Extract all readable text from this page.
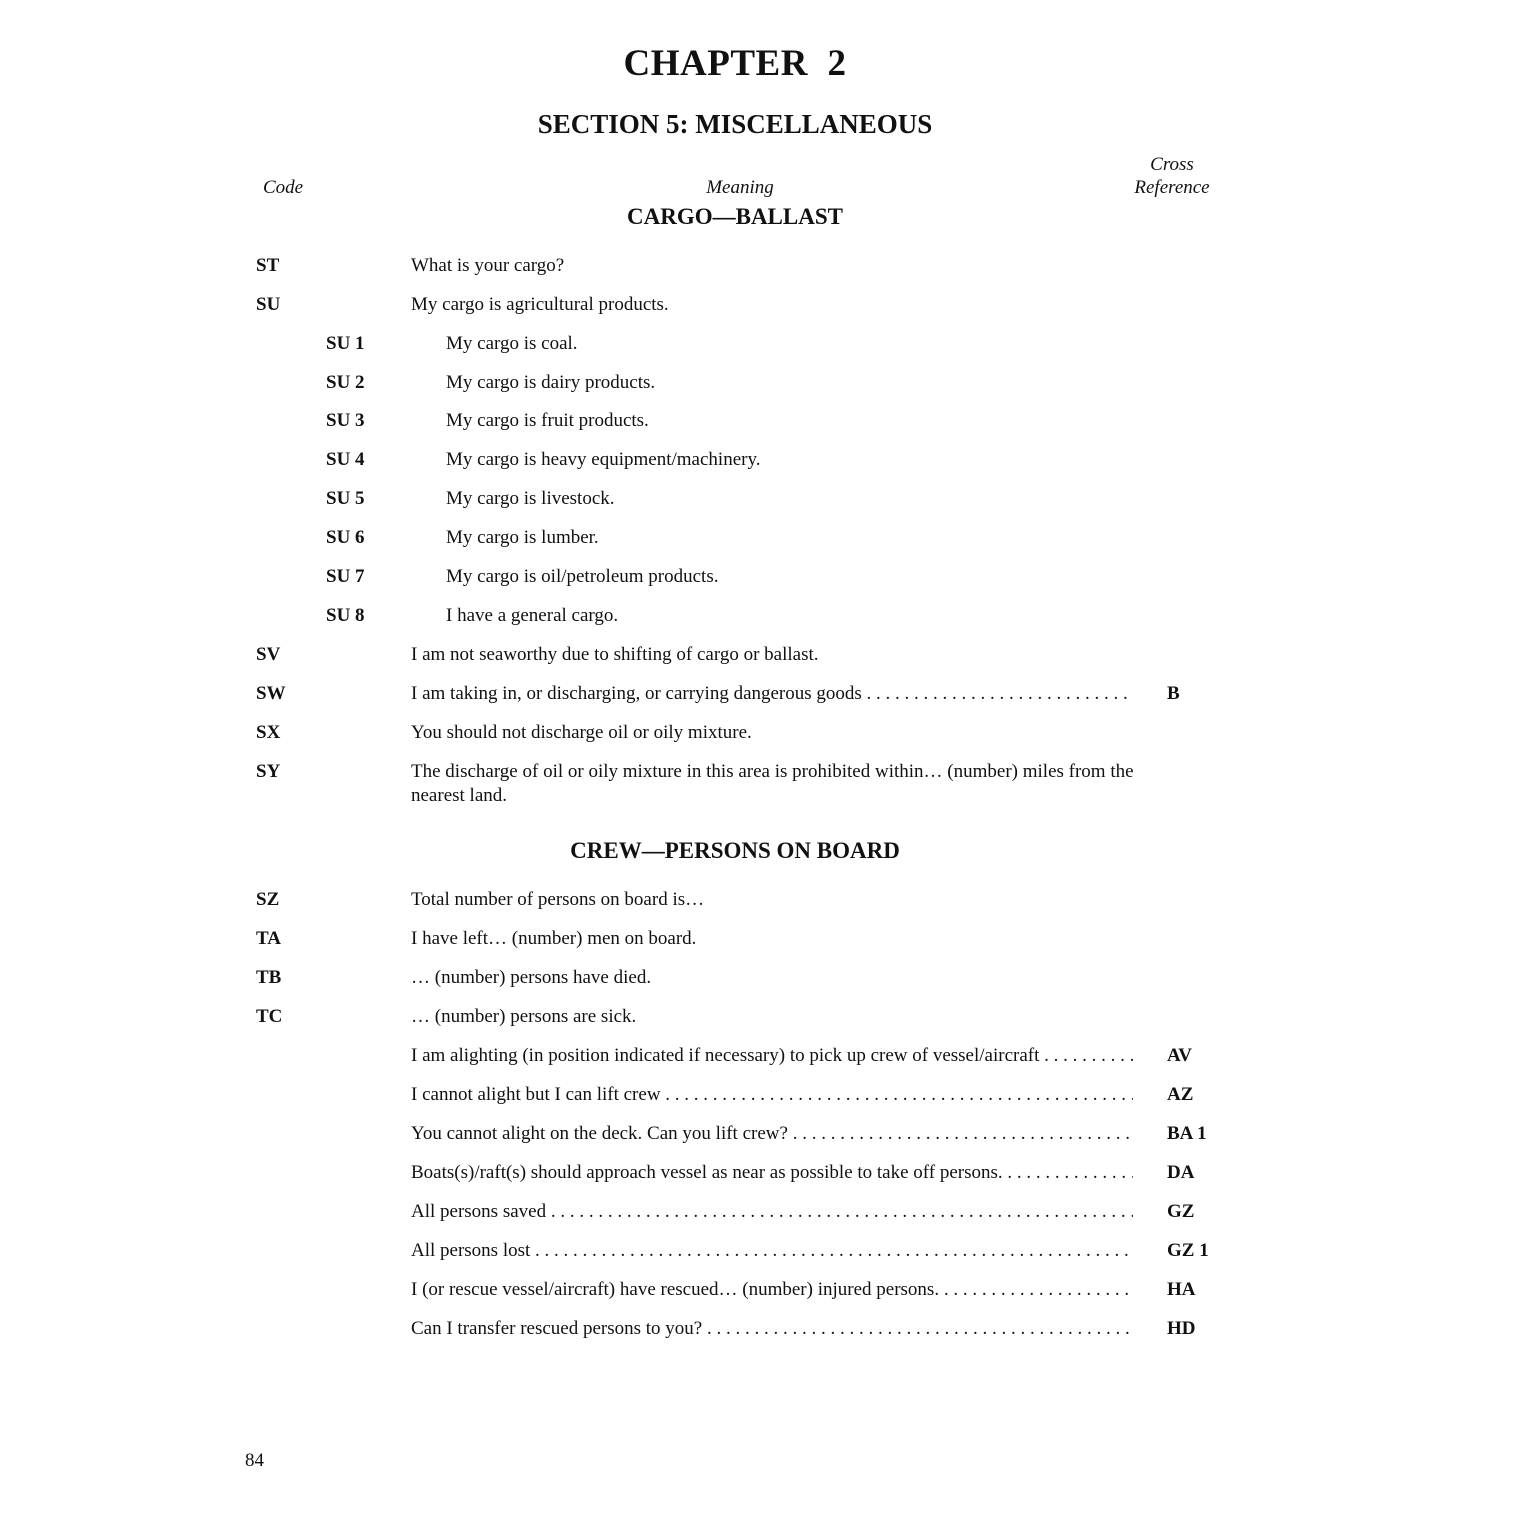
CHAPTER  2
SECTION 5: MISCELLANEOUS
Code	Meaning
Cross
Reference
CARGO—BALLAST
ST	What is your cargo?
SU	My cargo is agricultural products.
SU 1	My cargo is coal.
SU 2	My cargo is dairy products.
SU 3	My cargo is fruit products.
SU 4	My cargo is heavy equipment/machinery.
SU 5	My cargo is livestock.
SU 6	My cargo is lumber.
SU 7	My cargo is oil/petroleum products.
SU 8	I have a general cargo.
SV	I am not seaworthy due to shifting of cargo or ballast.
SW	I am taking in, or discharging, or carrying dangerous goods . . .	B
SX	You should not discharge oil or oily mixture.
SY	The discharge of oil or oily mixture in this area is prohibited within… (number) miles from the nearest land.
CREW—PERSONS ON BOARD
SZ	Total number of persons on board is…
TA	I have left… (number) men on board.
TB	… (number) persons have died.
TC	… (number) persons are sick.
I am alighting (in position indicated if necessary) to pick up crew of vessel/aircraft . . .	AV
I cannot alight but I can lift crew . . .	AZ
You cannot alight on the deck. Can you lift crew? . . .	BA 1
Boats(s)/raft(s) should approach vessel as near as possible to take off persons. . . .	DA
All persons saved . . .	GZ
All persons lost . . .	GZ 1
I (or rescue vessel/aircraft) have rescued… (number) injured persons. . . .	HA
Can I transfer rescued persons to you? . . .	HD
84
